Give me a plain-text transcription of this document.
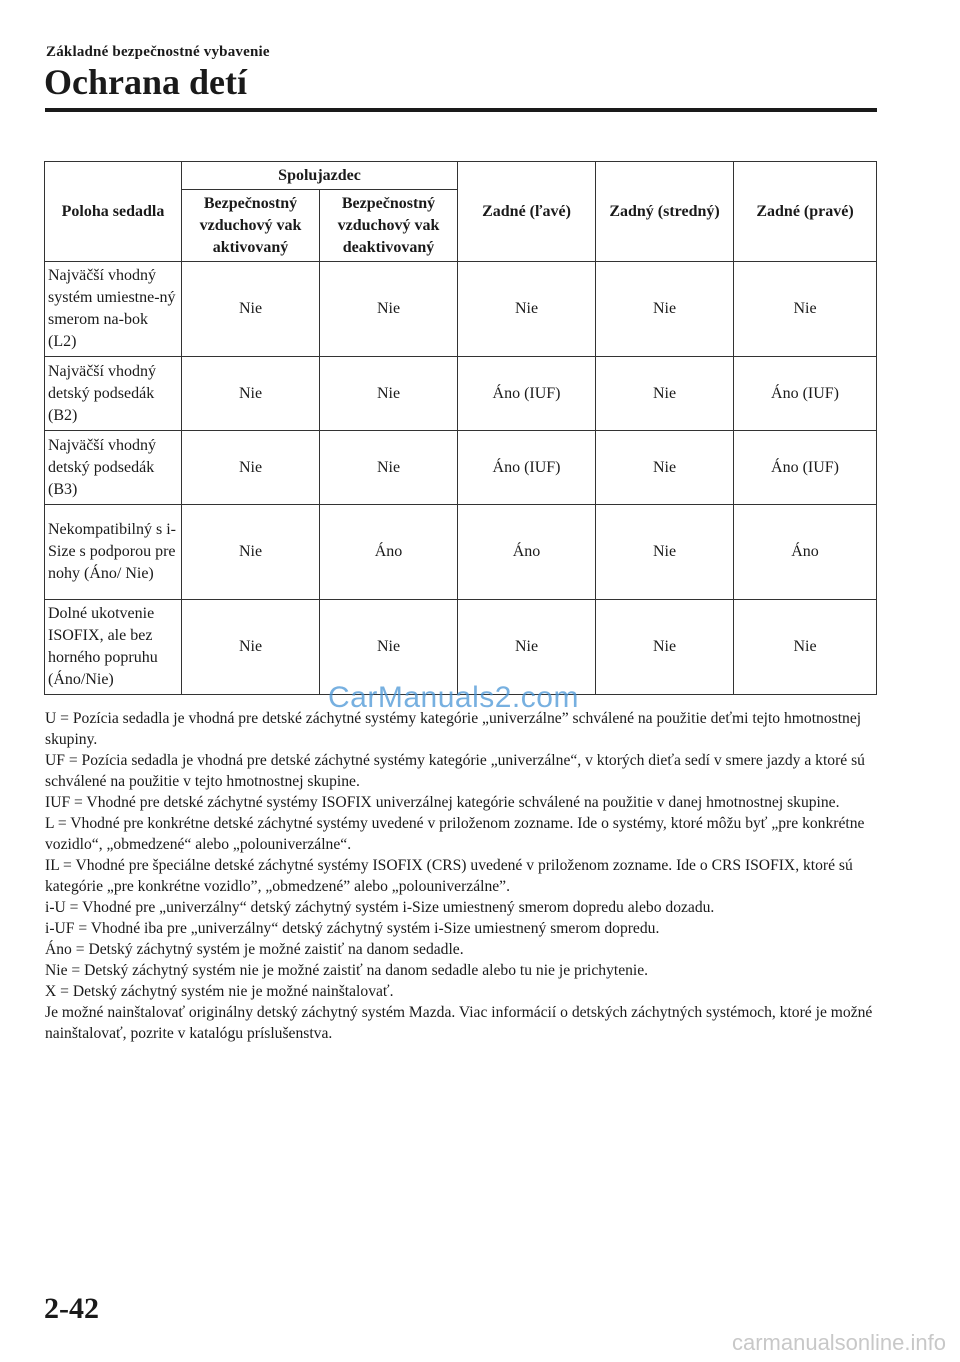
Základné bezpečnostné vybavenie
Ochrana detí
Poloha sedadla	Spolujazdec		Zadné (ľavé)	Zadný (stredný)	Zadné (pravé)
	Bezpečnostný vzduchový vak aktivovaný	Bezpečnostný vzduchový vak deaktivovaný			
Najväčší vhodný systém umiestne-ný smerom na-bok (L2)	Nie	Nie	Nie	Nie	Nie
Najväčší vhodný detský podsedák (B2)	Nie	Nie	Áno (IUF)	Nie	Áno (IUF)
Najväčší vhodný detský podsedák (B3)	Nie	Nie	Áno (IUF)	Nie	Áno (IUF)
Nekompatibilný s i-Size s podporou pre nohy (Áno/ Nie)	Nie	Áno	Áno	Nie	Áno
Dolné ukotvenie ISOFIX, ale bez horného popruhu (Áno/Nie)	Nie	Nie	Nie	Nie	Nie
CarManuals2.com

U = Pozícia sedadla je vhodná pre detské záchytné systémy kategórie „univerzálne” schválené na použitie deťmi tejto hmotnostnej skupiny.

UF = Pozícia sedadla je vhodná pre detské záchytné systémy kategórie „univerzálne“, v ktorých dieťa sedí v smere jazdy a ktoré sú schválené na použitie v tejto hmotnostnej skupine.

IUF = Vhodné pre detské záchytné systémy ISOFIX univerzálnej kategórie schválené na použitie v danej hmotnostnej skupine.

L = Vhodné pre konkrétne detské záchytné systémy uvedené v priloženom zozname. Ide o systémy, ktoré môžu byť „pre konkrétne vozidlo“, „obmedzené“ alebo „polouniverzálne“.

IL = Vhodné pre špeciálne detské záchytné systémy ISOFIX (CRS) uvedené v priloženom zozname. Ide o CRS ISOFIX, ktoré sú kategórie „pre konkrétne vozidlo”, „obmedzené” alebo „polouniverzálne”.

i-U = Vhodné pre „univerzálny“ detský záchytný systém i-Size umiestnený smerom dopredu alebo dozadu.

i-UF = Vhodné iba pre „univerzálny“ detský záchytný systém i-Size umiestnený smerom dopredu.

Áno = Detský záchytný systém je možné zaistiť na danom sedadle.

Nie = Detský záchytný systém nie je možné zaistiť na danom sedadle alebo tu nie je prichytenie.

X = Detský záchytný systém nie je možné nainštalovať.

Je možné nainštalovať originálny detský záchytný systém Mazda. Viac informácií o detských záchytných systémoch, ktoré je možné nainštalovať, pozrite v katalógu príslušenstva.

2-42
carmanualsonline.info
